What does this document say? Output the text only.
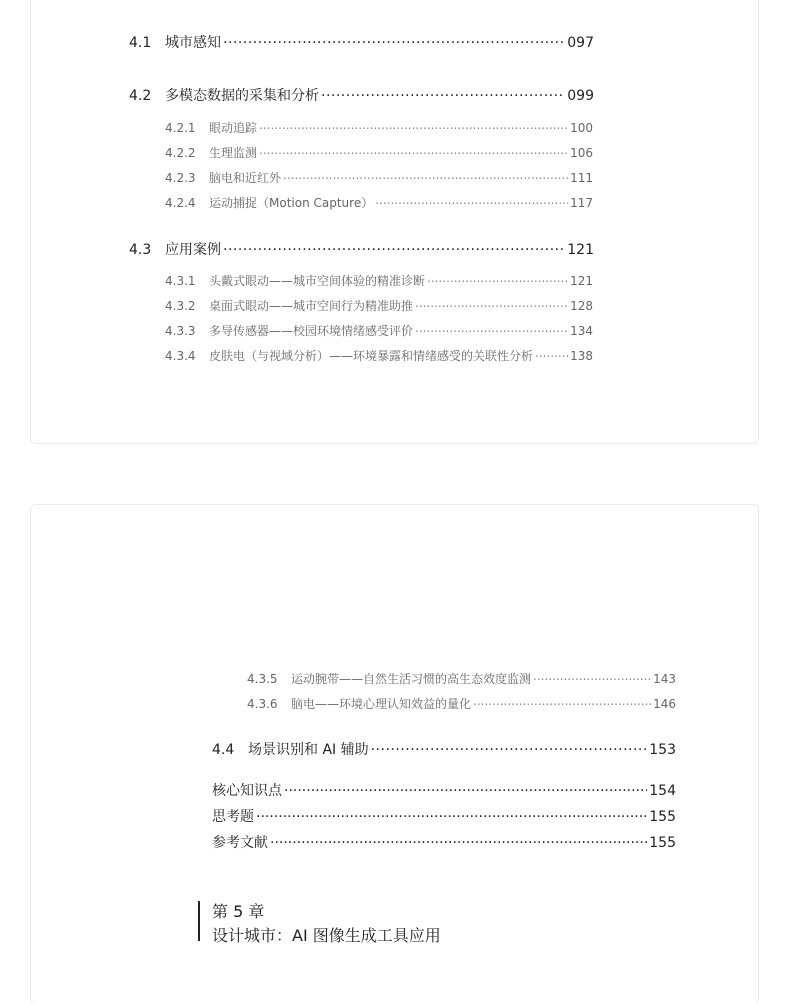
4.1 城市感知 .....	097
4.2 多模态数据的采集和分析 .....	099
4.2.1	眼动追踪 .....	100
4.2.2	生理监测 .....	106
4.2.3	脑电和近红外 .....	111
4.2.4	运动捕捉（Motion Capture） .....	117
4.3 应用案例 .....	121
4.3.1	头戴式眼动——城市空间体验的精准诊断 .....	121
4.3.2	桌面式眼动——城市空间行为精准助推 .....	128
4.3.3	多导传感器——校园环境情绪感受评价 .....	134
4.3.4	皮肤电（与视域分析）——环境暴露和情绪感受的关联性分析 .....	138
4.3.5	运动腕带——自然生活习惯的高生态效度监测 .....	143
4.3.6	脑电——环境心理认知效益的量化 .....	146
4.4 场景识别和 AI 辅助 .....	153
核心知识点 .....	154
思考题 .....	155
参考文献 .....	155
第 5 章
设计城市：AI 图像生成工具应用
